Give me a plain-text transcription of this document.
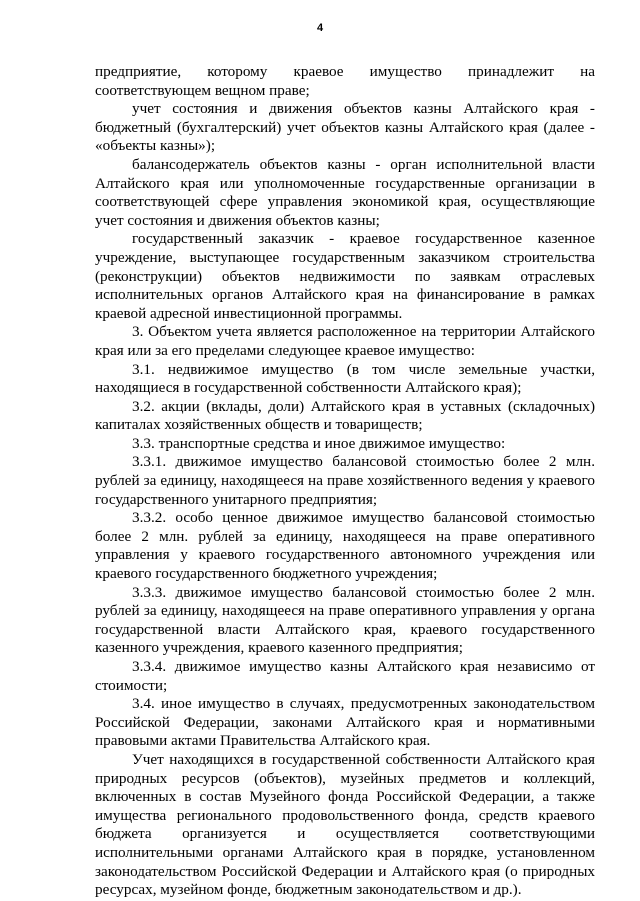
4

предприятие, которому краевое имущество принадлежит на соответствующем вещном праве;

учет состояния и движения объектов казны Алтайского края - бюджетный (бухгалтерский) учет объектов казны Алтайского края (далее - «объекты казны»);

балансодержатель объектов казны - орган исполнительной власти Алтайского края или уполномоченные государственные организации в соответствующей сфере управления экономикой края, осуществляющие учет состояния и движения объектов казны;

государственный заказчик - краевое государственное казенное учреждение, выступающее государственным заказчиком строительства (реконструкции) объектов недвижимости по заявкам отраслевых исполнительных органов Алтайского края на финансирование в рамках краевой адресной инвестиционной программы.

3. Объектом учета является расположенное на территории Алтайского края или за его пределами следующее краевое имущество:

3.1. недвижимое имущество (в том числе земельные участки, находящиеся в государственной собственности Алтайского края);

3.2. акции (вклады, доли) Алтайского края в уставных (складочных) капиталах хозяйственных обществ и товариществ;

3.3. транспортные средства и иное движимое имущество:

3.3.1. движимое имущество балансовой стоимостью более 2 млн. рублей за единицу, находящееся на праве хозяйственного ведения у краевого государственного унитарного предприятия;

3.3.2. особо ценное движимое имущество балансовой стоимостью более 2 млн. рублей за единицу, находящееся на праве оперативного управления у краевого государственного автономного учреждения или краевого государственного бюджетного учреждения;

3.3.3. движимое имущество балансовой стоимостью более 2 млн. рублей за единицу, находящееся на праве оперативного управления у органа государственной власти Алтайского края, краевого государственного казенного учреждения, краевого казенного предприятия;

3.3.4. движимое имущество казны Алтайского края независимо от стоимости;

3.4. иное имущество в случаях, предусмотренных законодательством Российской Федерации, законами Алтайского края и нормативными правовыми актами Правительства Алтайского края.

Учет находящихся в государственной собственности Алтайского края природных ресурсов (объектов), музейных предметов и коллекций, включенных в состав Музейного фонда Российской Федерации, а также имущества регионального продовольственного фонда, средств краевого бюджета организуется и осуществляется соответствующими исполнительными органами Алтайского края в порядке, установленном законодательством Российской Федерации и Алтайского края (о природных ресурсах, музейном фонде, бюджетным законодательством и др.).
